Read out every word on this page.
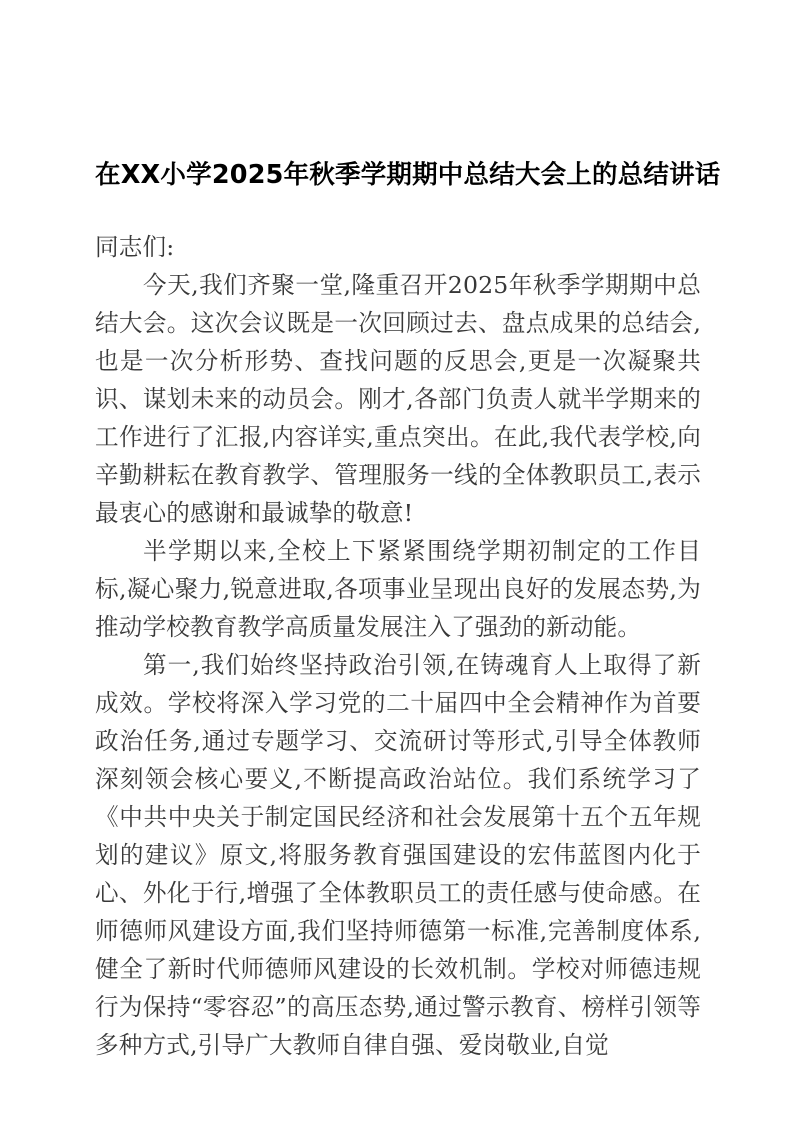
在XX小学2025年秋季学期期中总结大会上的总结讲话

同志们:

今天,我们齐聚一堂,隆重召开2025年秋季学期期中总结大会。这次会议既是一次回顾过去、盘点成果的总结会,也是一次分析形势、查找问题的反思会,更是一次凝聚共识、谋划未来的动员会。刚才,各部门负责人就半学期来的工作进行了汇报,内容详实,重点突出。在此,我代表学校,向辛勤耕耘在教育教学、管理服务一线的全体教职员工,表示最衷心的感谢和最诚挚的敬意!

半学期以来,全校上下紧紧围绕学期初制定的工作目标,凝心聚力,锐意进取,各项事业呈现出良好的发展态势,为推动学校教育教学高质量发展注入了强劲的新动能。

第一,我们始终坚持政治引领,在铸魂育人上取得了新成效。学校将深入学习党的二十届四中全会精神作为首要政治任务,通过专题学习、交流研讨等形式,引导全体教师深刻领会核心要义,不断提高政治站位。我们系统学习了《中共中央关于制定国民经济和社会发展第十五个五年规划的建议》原文,将服务教育强国建设的宏伟蓝图内化于心、外化于行,增强了全体教职员工的责任感与使命感。在师德师风建设方面,我们坚持师德第一标准,完善制度体系,健全了新时代师德师风建设的长效机制。学校对师德违规行为保持“零容忍”的高压态势,通过警示教育、榜样引领等多种方式,引导广大教师自律自强、爱岗敬业,自觉
